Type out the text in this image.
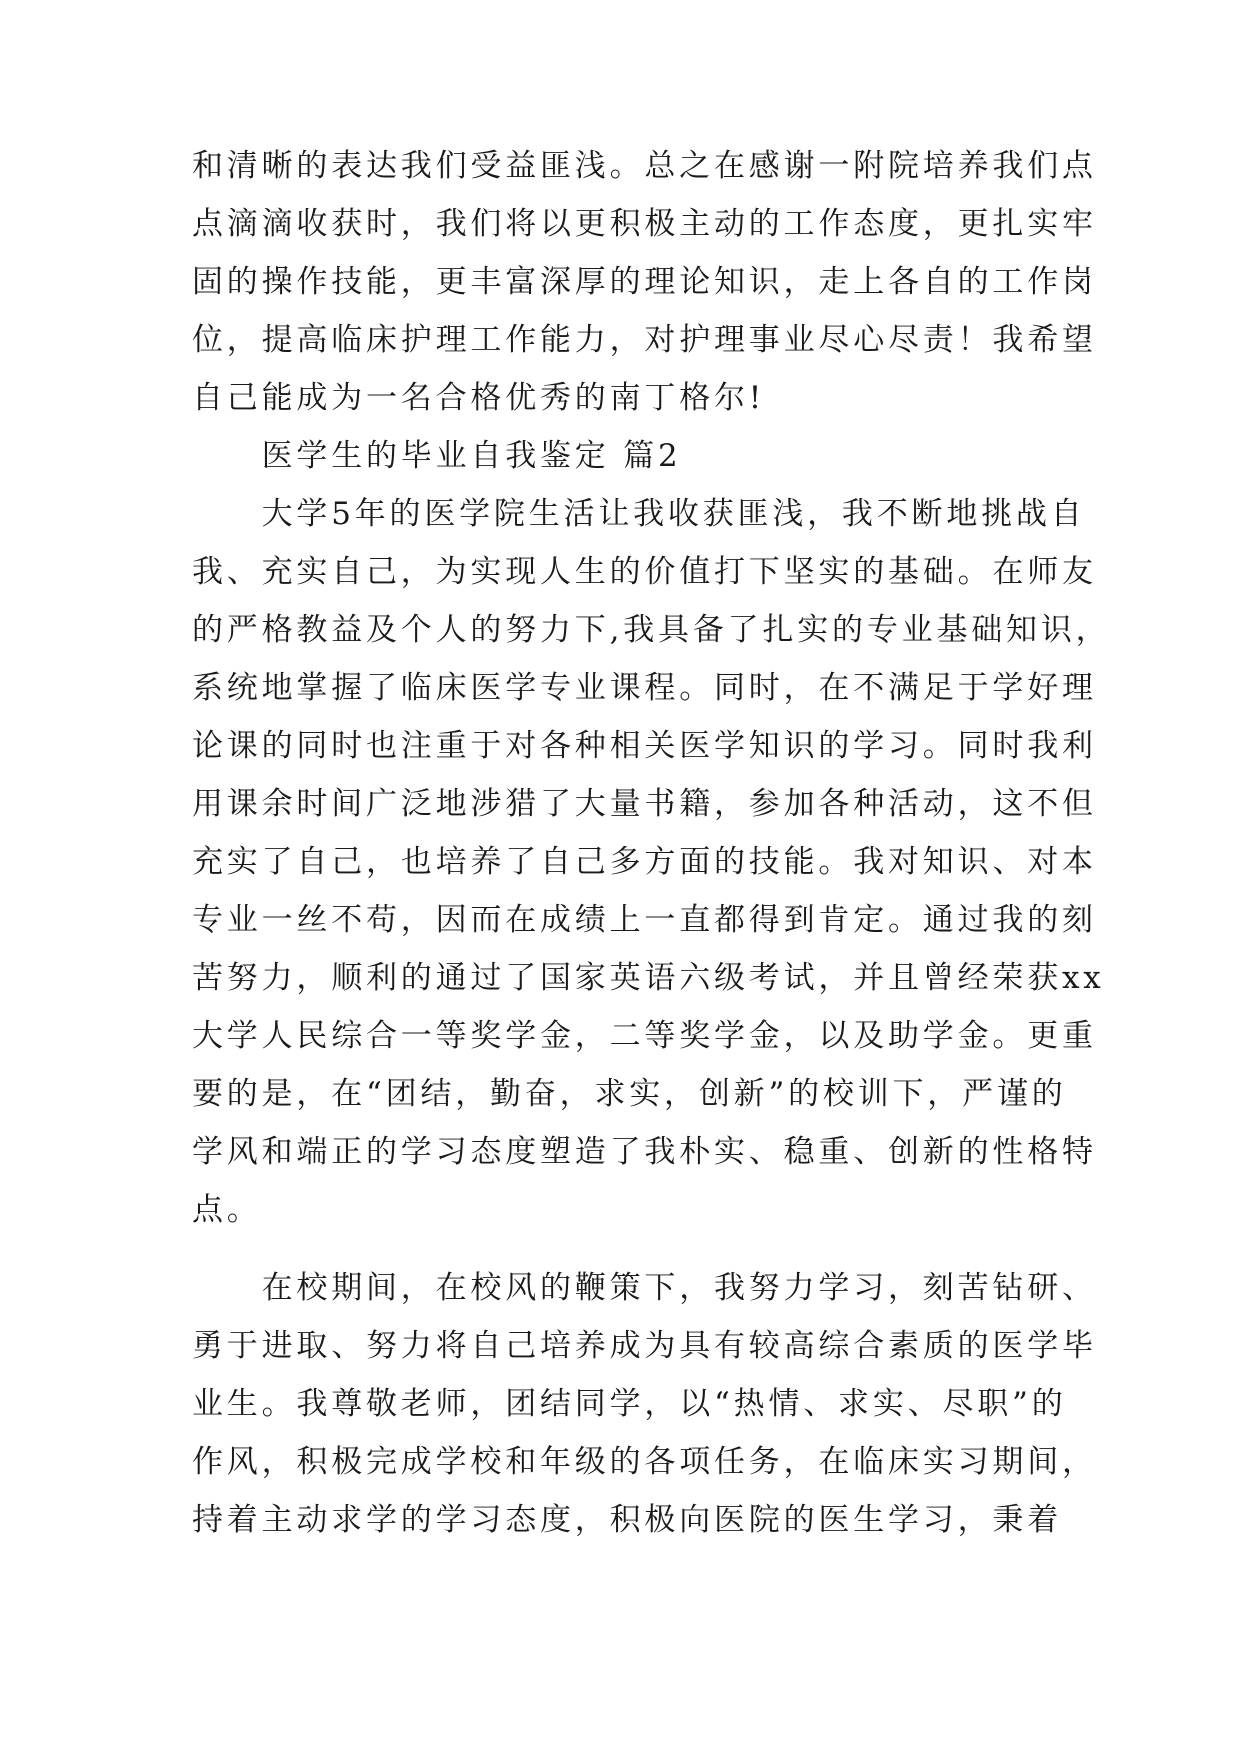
和清晰的表达我们受益匪浅。总之在感谢一附院培养我们点
点滴滴收获时，我们将以更积极主动的工作态度，更扎实牢
固的操作技能，更丰富深厚的理论知识，走上各自的工作岗
位，提高临床护理工作能力，对护理事业尽心尽责！我希望
自己能成为一名合格优秀的南丁格尔!
　　医学生的毕业自我鉴定 篇2
　　大学5年的医学院生活让我收获匪浅，我不断地挑战自
我、充实自己，为实现人生的价值打下坚实的基础。在师友
的严格教益及个人的努力下,我具备了扎实的专业基础知识，
系统地掌握了临床医学专业课程。同时，在不满足于学好理
论课的同时也注重于对各种相关医学知识的学习。同时我利
用课余时间广泛地涉猎了大量书籍，参加各种活动，这不但
充实了自己，也培养了自己多方面的技能。我对知识、对本
专业一丝不苟，因而在成绩上一直都得到肯定。通过我的刻
苦努力，顺利的通过了国家英语六级考试，并且曾经荣获xx
大学人民综合一等奖学金，二等奖学金，以及助学金。更重
要的是，在“团结，勤奋，求实，创新”的校训下，严谨的
学风和端正的学习态度塑造了我朴实、稳重、创新的性格特
点。
　　在校期间，在校风的鞭策下，我努力学习，刻苦钻研、
勇于进取、努力将自己培养成为具有较高综合素质的医学毕
业生。我尊敬老师，团结同学，以“热情、求实、尽职”的
作风，积极完成学校和年级的各项任务，在临床实习期间，
持着主动求学的学习态度，积极向医院的医生学习，秉着
